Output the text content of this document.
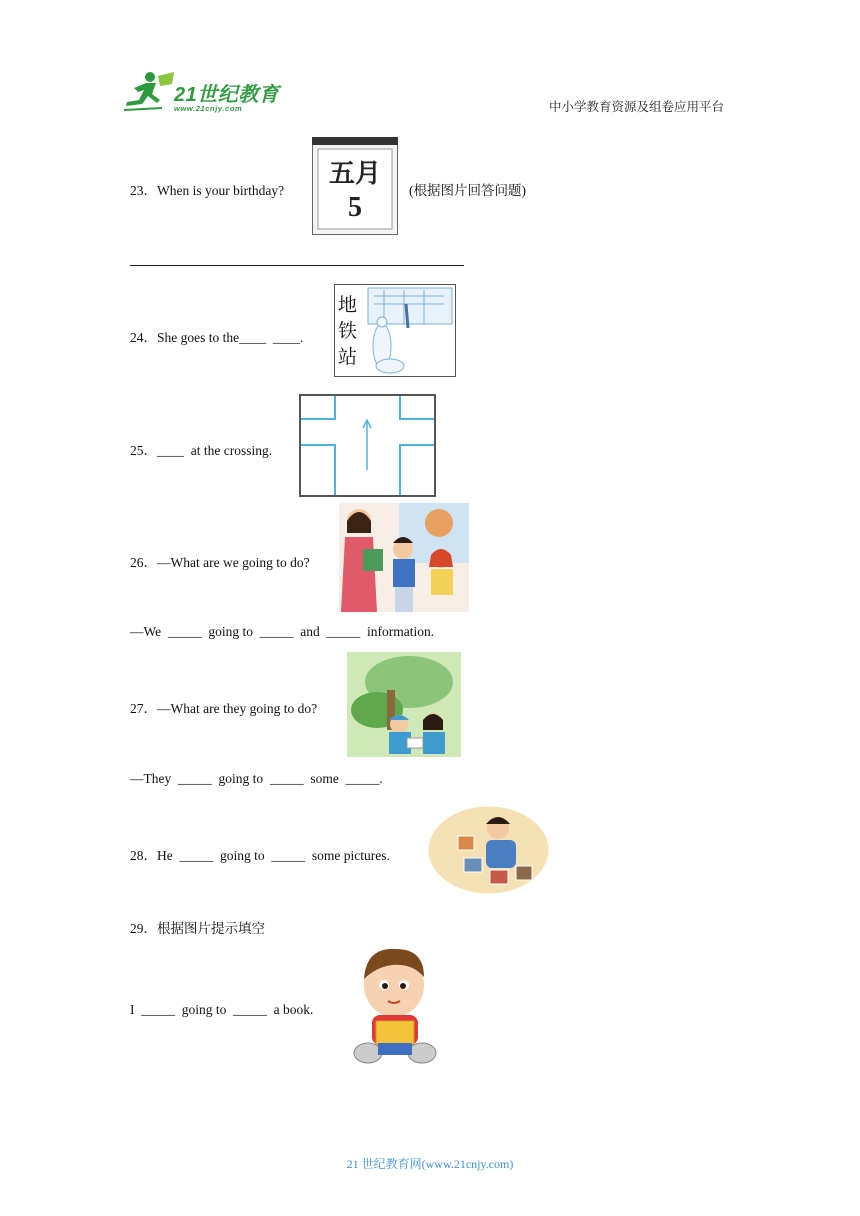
21世纪教育
www.21cnjy.com	中小学教育资源及组卷应用平台
23．When is your birthday?
五月
5
(根据图片回答问题)
24．She goes to the____  ____.
地
铁
站
25．____  at the crossing.
26．—What are we going to do?
—We  _____  going to  _____  and  _____  information.
27．—What are they going to do?
—They  _____  going to  _____  some  _____.
28．He  _____  going to  _____  some pictures.
29．根据图片提示填空
I  _____  going to  _____  a book.
21 世纪教育网(www.21cnjy.com)
